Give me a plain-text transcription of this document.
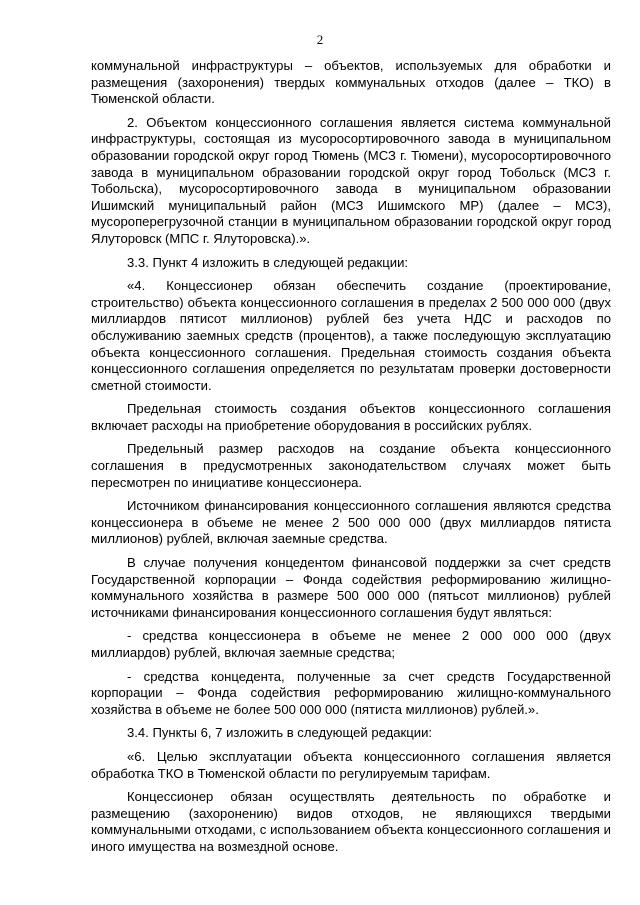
2

коммунальной инфраструктуры – объектов, используемых для обработки и размещения (захоронения) твердых коммунальных отходов (далее – ТКО) в Тюменской области.

2. Объектом концессионного соглашения является система коммунальной инфраструктуры, состоящая из мусоросортировочного завода в муниципальном образовании городской округ город Тюмень (МСЗ г. Тюмени), мусоросортировочного завода в муниципальном образовании городской округ город Тобольск (МСЗ г. Тобольска), мусоросортировочного завода в муниципальном образовании Ишимский муниципальный район (МСЗ Ишимского МР) (далее – МСЗ), мусороперегрузочной станции в муниципальном образовании городской округ город Ялуторовск (МПС г. Ялуторовска).».

3.3. Пункт 4 изложить в следующей редакции:

«4. Концессионер обязан обеспечить создание (проектирование, строительство) объекта концессионного соглашения в пределах 2 500 000 000 (двух миллиардов пятисот миллионов) рублей без учета НДС и расходов по обслуживанию заемных средств (процентов), а также последующую эксплуатацию объекта концессионного соглашения. Предельная стоимость создания объекта концессионного соглашения определяется по результатам проверки достоверности сметной стоимости.

Предельная стоимость создания объектов концессионного соглашения включает расходы на приобретение оборудования в российских рублях.

Предельный размер расходов на создание объекта концессионного соглашения в предусмотренных законодательством случаях может быть пересмотрен по инициативе концессионера.

Источником финансирования концессионного соглашения являются средства концессионера в объеме не менее 2 500 000 000 (двух миллиардов пятиста миллионов) рублей, включая заемные средства.

В случае получения концедентом финансовой поддержки за счет средств Государственной корпорации – Фонда содействия реформированию жилищно-коммунального хозяйства в размере 500 000 000 (пятьсот миллионов) рублей источниками финансирования концессионного соглашения будут являться:

- средства концессионера в объеме не менее 2 000 000 000 (двух миллиардов) рублей, включая заемные средства;

- средства концедента, полученные за счет средств Государственной корпорации – Фонда содействия реформированию жилищно-коммунального хозяйства в объеме не более 500 000 000 (пятиста миллионов) рублей.».

3.4. Пункты 6, 7 изложить в следующей редакции:

«6. Целью эксплуатации объекта концессионного соглашения является обработка ТКО в Тюменской области по регулируемым тарифам.

Концессионер обязан осуществлять деятельность по обработке и размещению (захоронению) видов отходов, не являющихся твердыми коммунальными отходами, с использованием объекта концессионного соглашения и иного имущества на возмездной основе.
